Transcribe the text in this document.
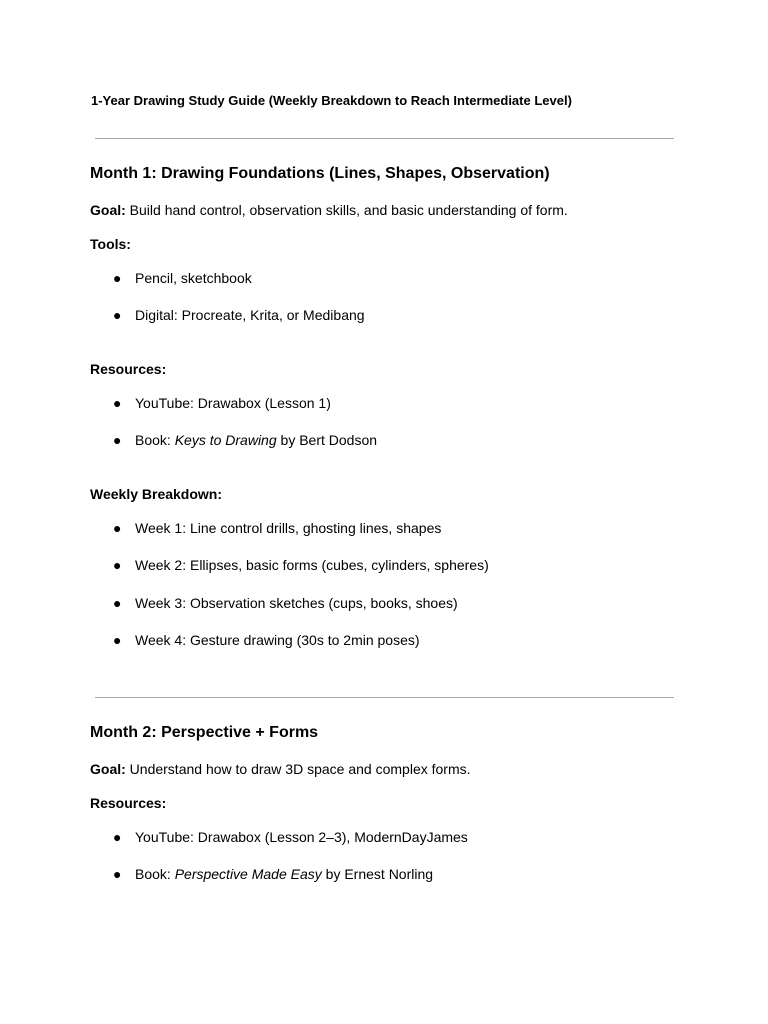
1-Year Drawing Study Guide (Weekly Breakdown to Reach Intermediate Level)
Month 1: Drawing Foundations (Lines, Shapes, Observation)
Goal: Build hand control, observation skills, and basic understanding of form.
Tools:
● Pencil, sketchbook
● Digital: Procreate, Krita, or Medibang
Resources:
● YouTube: Drawabox (Lesson 1)
● Book: Keys to Drawing by Bert Dodson
Weekly Breakdown:
● Week 1: Line control drills, ghosting lines, shapes
● Week 2: Ellipses, basic forms (cubes, cylinders, spheres)
● Week 3: Observation sketches (cups, books, shoes)
● Week 4: Gesture drawing (30s to 2min poses)
Month 2: Perspective + Forms
Goal: Understand how to draw 3D space and complex forms.
Resources:
● YouTube: Drawabox (Lesson 2–3), ModernDayJames
● Book: Perspective Made Easy by Ernest Norling
